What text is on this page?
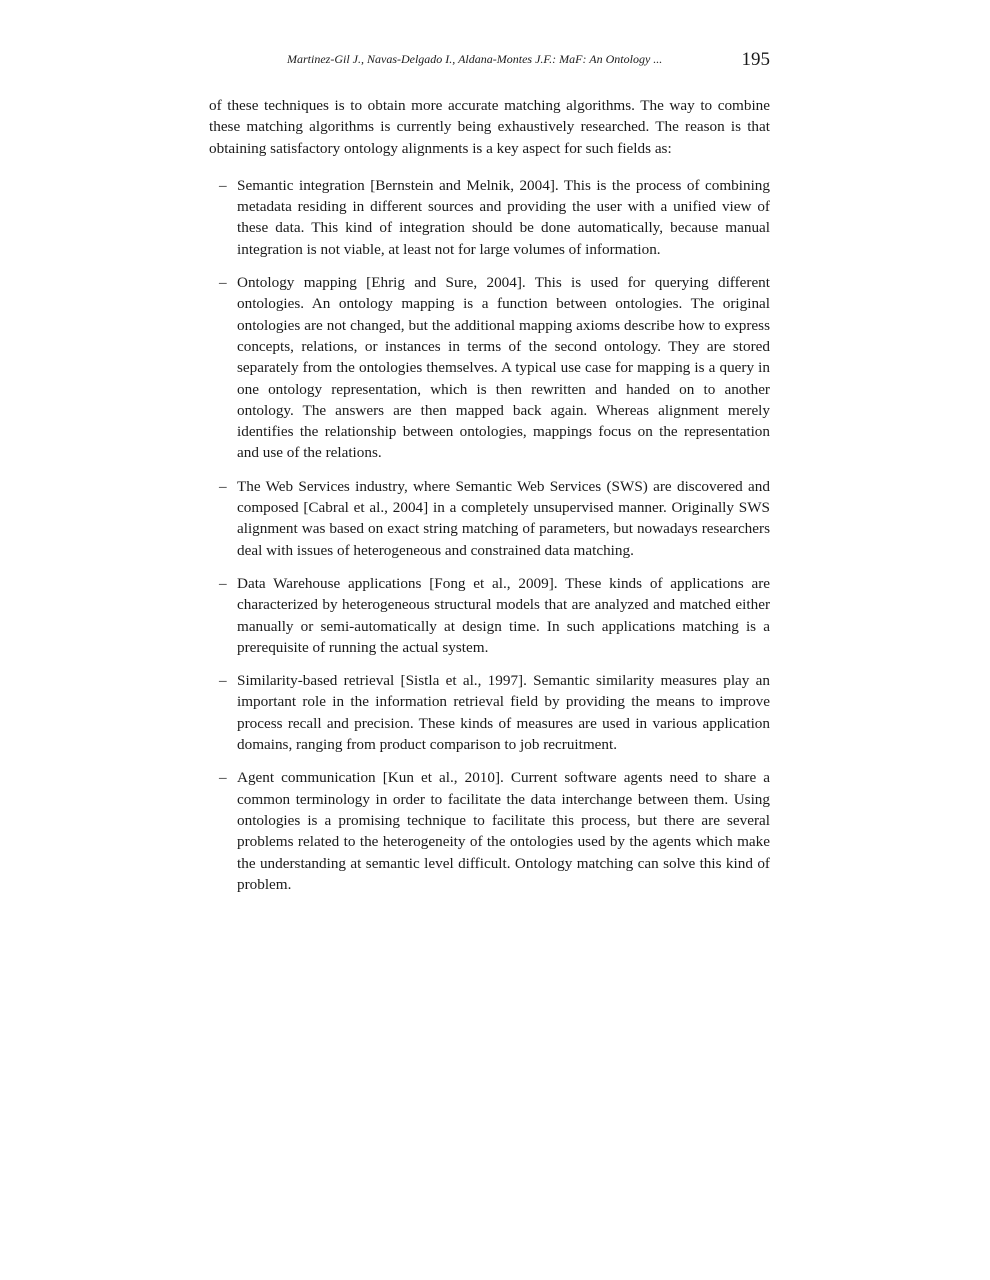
Martinez-Gil J., Navas-Delgado I., Aldana-Montes J.F.: MaF: An Ontology ...	195

of these techniques is to obtain more accurate matching algorithms. The way to combine these matching algorithms is currently being exhaustively researched. The reason is that obtaining satisfactory ontology alignments is a key aspect for such fields as:

– Semantic integration [Bernstein and Melnik, 2004]. This is the process of combining metadata residing in different sources and providing the user with a unified view of these data. This kind of integration should be done automatically, because manual integration is not viable, at least not for large volumes of information.
– Ontology mapping [Ehrig and Sure, 2004]. This is used for querying different ontologies. An ontology mapping is a function between ontologies. The original ontologies are not changed, but the additional mapping axioms describe how to express concepts, relations, or instances in terms of the second ontology. They are stored separately from the ontologies themselves. A typical use case for mapping is a query in one ontology representation, which is then rewritten and handed on to another ontology. The answers are then mapped back again. Whereas alignment merely identifies the relationship between ontologies, mappings focus on the representation and use of the relations.
– The Web Services industry, where Semantic Web Services (SWS) are discovered and composed [Cabral et al., 2004] in a completely unsupervised manner. Originally SWS alignment was based on exact string matching of parameters, but nowadays researchers deal with issues of heterogeneous and constrained data matching.
– Data Warehouse applications [Fong et al., 2009]. These kinds of applications are characterized by heterogeneous structural models that are analyzed and matched either manually or semi-automatically at design time. In such applications matching is a prerequisite of running the actual system.
– Similarity-based retrieval [Sistla et al., 1997]. Semantic similarity measures play an important role in the information retrieval field by providing the means to improve process recall and precision. These kinds of measures are used in various application domains, ranging from product comparison to job recruitment.
– Agent communication [Kun et al., 2010]. Current software agents need to share a common terminology in order to facilitate the data interchange between them. Using ontologies is a promising technique to facilitate this process, but there are several problems related to the heterogeneity of the ontologies used by the agents which make the understanding at semantic level difficult. Ontology matching can solve this kind of problem.
